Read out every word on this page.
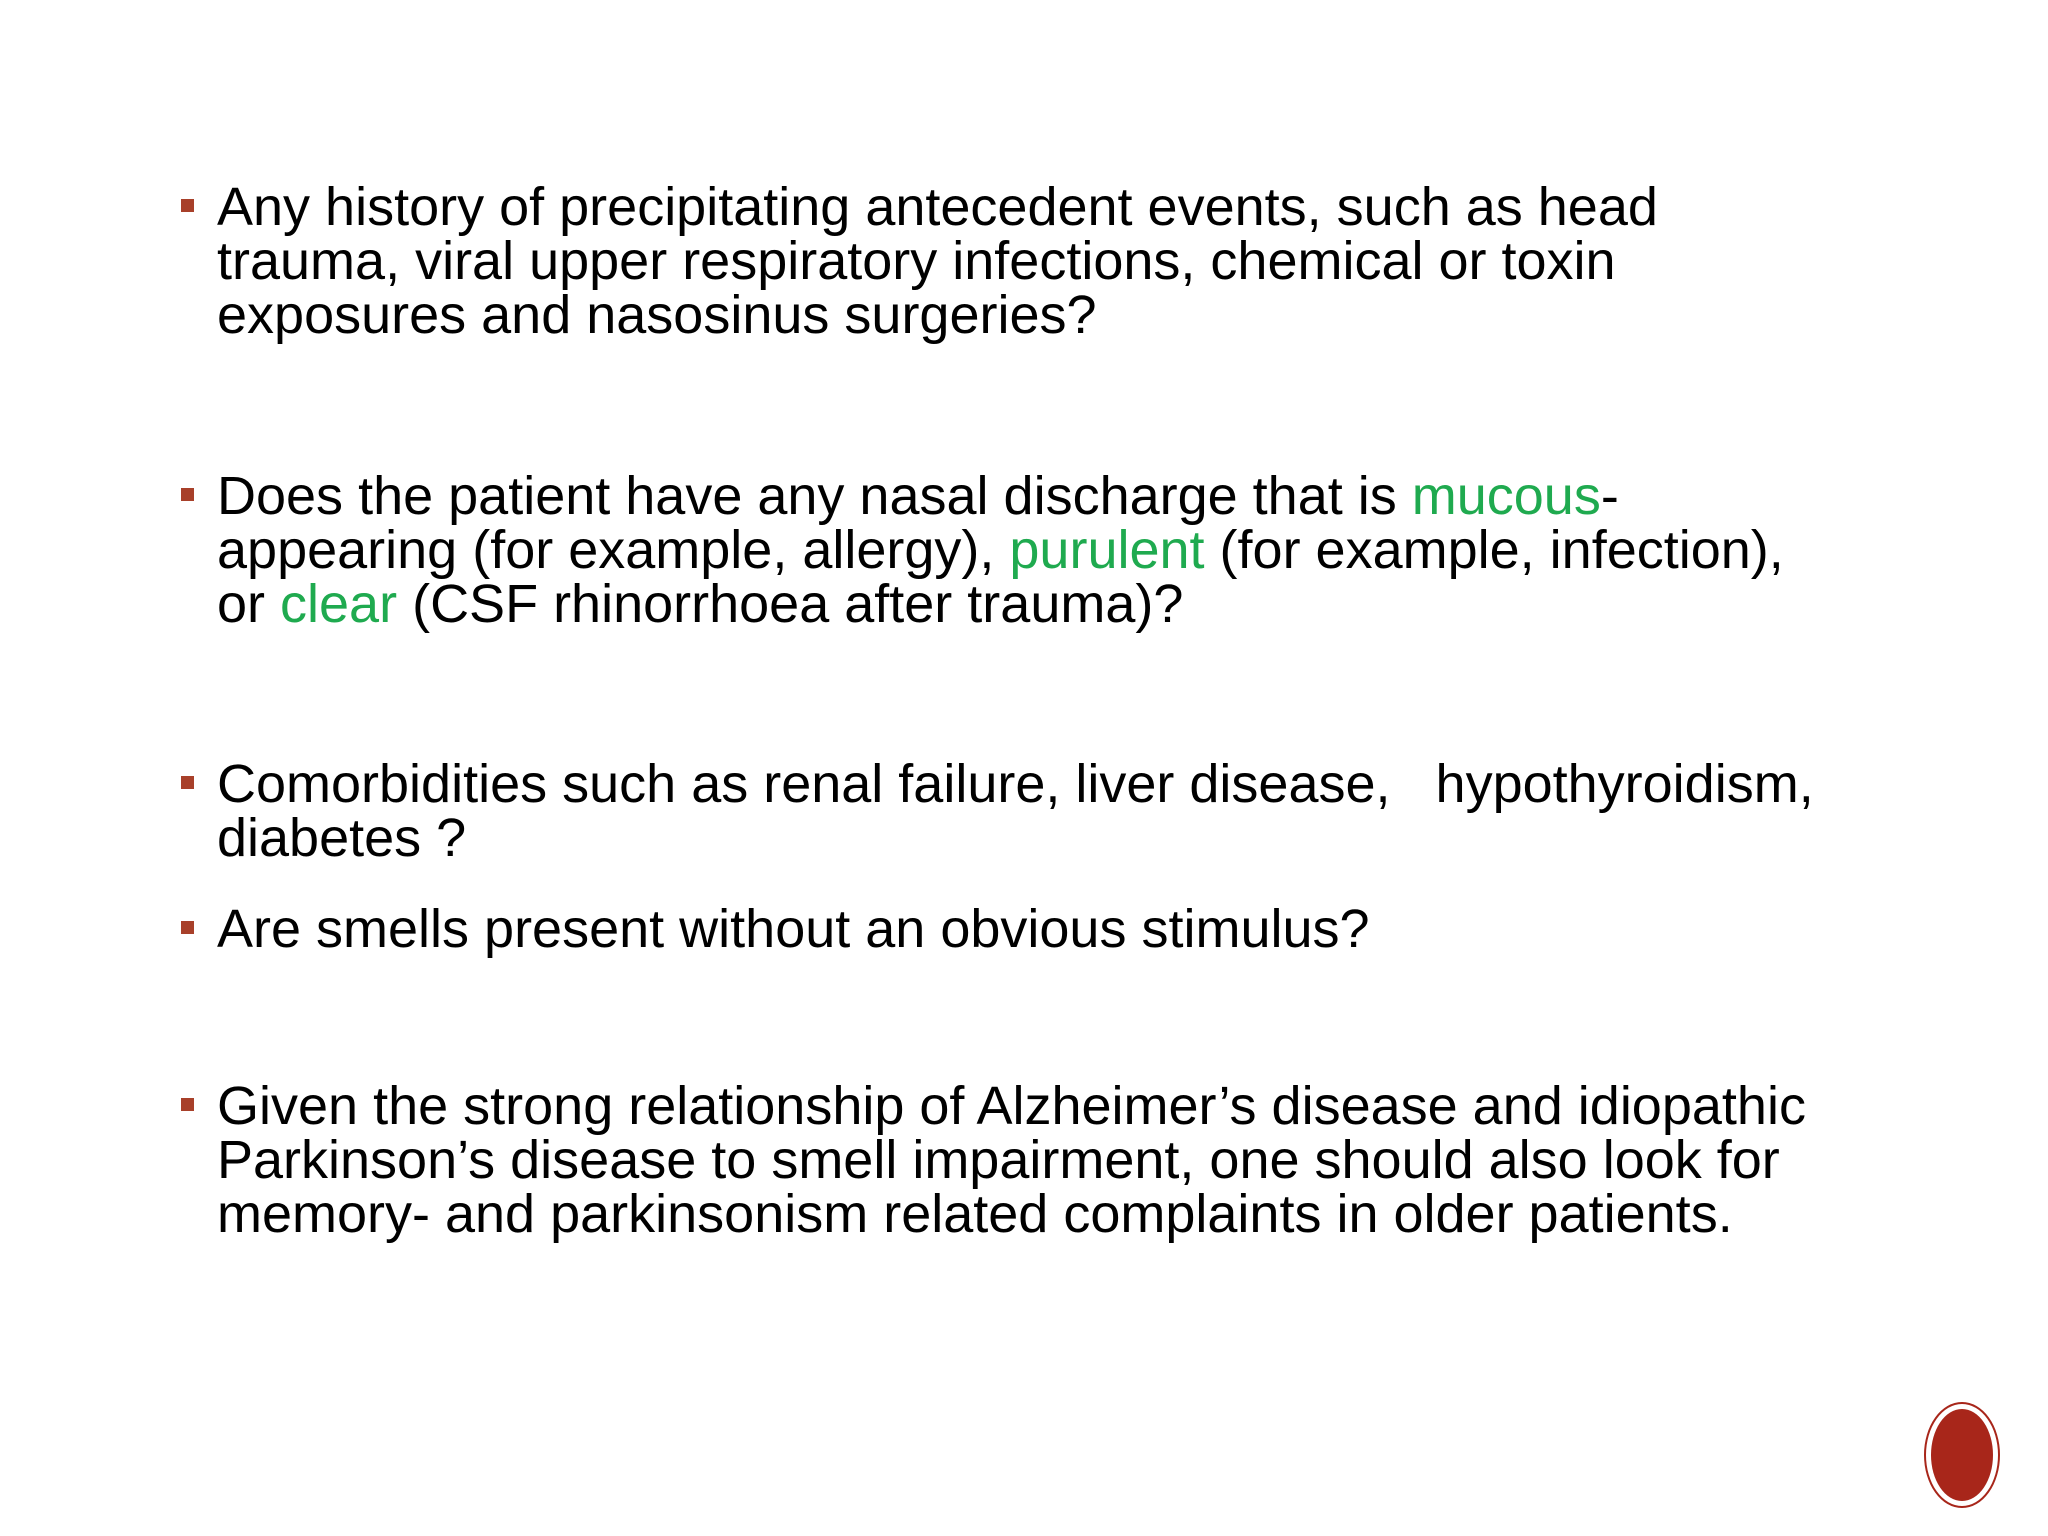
Any history of precipitating antecedent events, such as head
trauma, viral upper respiratory infections, chemical or toxin
exposures and nasosinus surgeries?
Does the patient have any nasal discharge that is mucous-
appearing (for example, allergy), purulent (for example, infection),
or clear (CSF rhinorrhoea after trauma)?
Comorbidities such as renal failure, liver disease,   hypothyroidism,
diabetes ?
Are smells present without an obvious stimulus?
Given the strong relationship of Alzheimer’s disease and idiopathic
Parkinson’s disease to smell impairment, one should also look for
memory- and parkinsonism related complaints in older patients.
